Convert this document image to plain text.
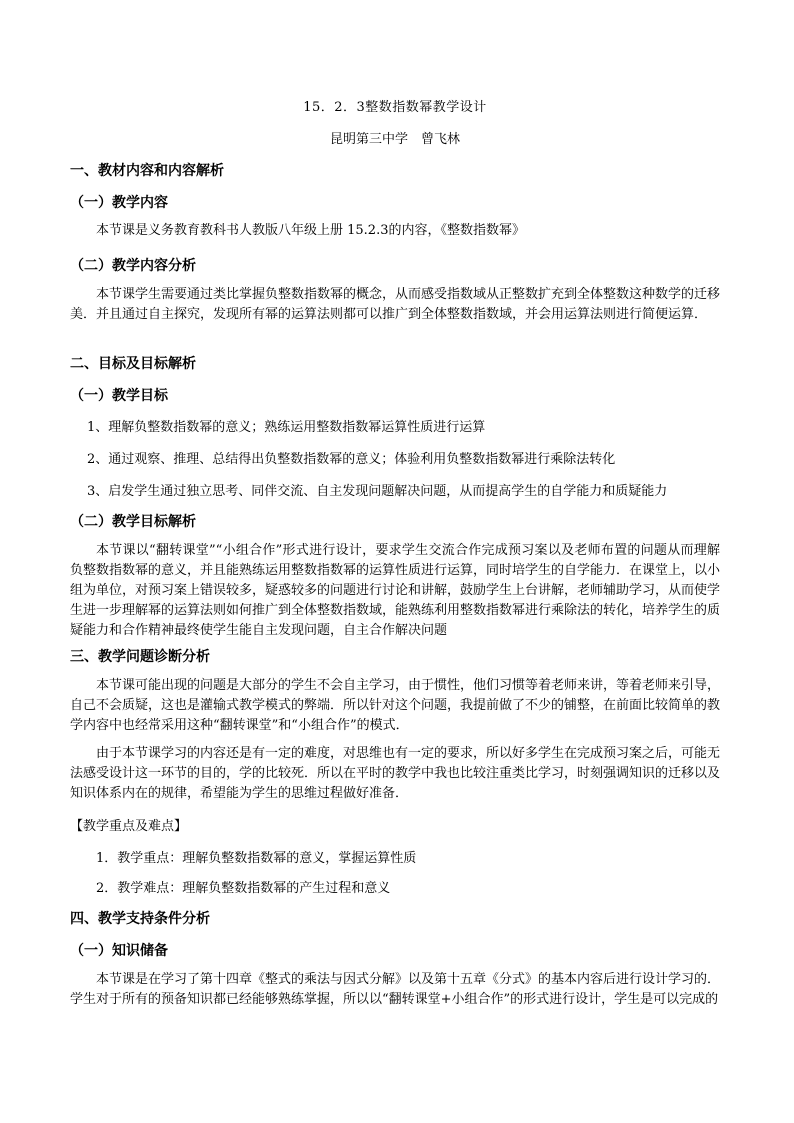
15．2．3整数指数幂教学设计
昆明第三中学　曾飞林
一、教材内容和内容解析
（一）教学内容
本节课是义务教育教科书人教版八年级上册 15.2.3的内容，《整数指数幂》
（二）教学内容分析
本节课学生需要通过类比掌握负整数指数幂的概念，从而感受指数域从正整数扩充到全体整数这种数学的迁移美．并且通过自主探究，发现所有幂的运算法则都可以推广到全体整数指数域，并会用运算法则进行简便运算．
二、目标及目标解析
（一）教学目标
1、理解负整数指数幂的意义；熟练运用整数指数幂运算性质进行运算
2、通过观察、推理、总结得出负整数指数幂的意义；体验利用负整数指数幂进行乘除法转化
3、启发学生通过独立思考、同伴交流、自主发现问题解决问题，从而提高学生的自学能力和质疑能力
（二）教学目标解析
本节课以“翻转课堂”“小组合作”形式进行设计，要求学生交流合作完成预习案以及老师布置的问题从而理解负整数指数幂的意义，并且能熟练运用整数指数幂的运算性质进行运算，同时培学生的自学能力．在课堂上，以小组为单位，对预习案上错误较多，疑惑较多的问题进行讨论和讲解，鼓励学生上台讲解，老师辅助学习，从而使学生进一步理解幂的运算法则如何推广到全体整数指数域，能熟练利用整数指数幂进行乘除法的转化，培养学生的质疑能力和合作精神最终使学生能自主发现问题，自主合作解决问题
三、教学问题诊断分析
本节课可能出现的问题是大部分的学生不会自主学习，由于惯性，他们习惯等着老师来讲，等着老师来引导，自己不会质疑，这也是灌输式教学模式的弊端．所以针对这个问题，我提前做了不少的铺整，在前面比较简单的教学内容中也经常采用这种“翻转课堂”和“小组合作”的模式．
由于本节课学习的内容还是有一定的难度，对思维也有一定的要求，所以好多学生在完成预习案之后，可能无法感受设计这一环节的目的，学的比较死．所以在平时的教学中我也比较注重类比学习，时刻强调知识的迁移以及知识体系内在的规律，希望能为学生的思维过程做好准备．
【教学重点及难点】
1．教学重点：理解负整数指数幂的意义，掌握运算性质
2．教学难点：理解负整数指数幂的产生过程和意义
四、教学支持条件分析
（一）知识储备
本节课是在学习了第十四章《整式的乘法与因式分解》以及第十五章《分式》的基本内容后进行设计学习的．学生对于所有的预备知识都已经能够熟练掌握，所以以“翻转课堂+小组合作”的形式进行设计，学生是可以完成的
